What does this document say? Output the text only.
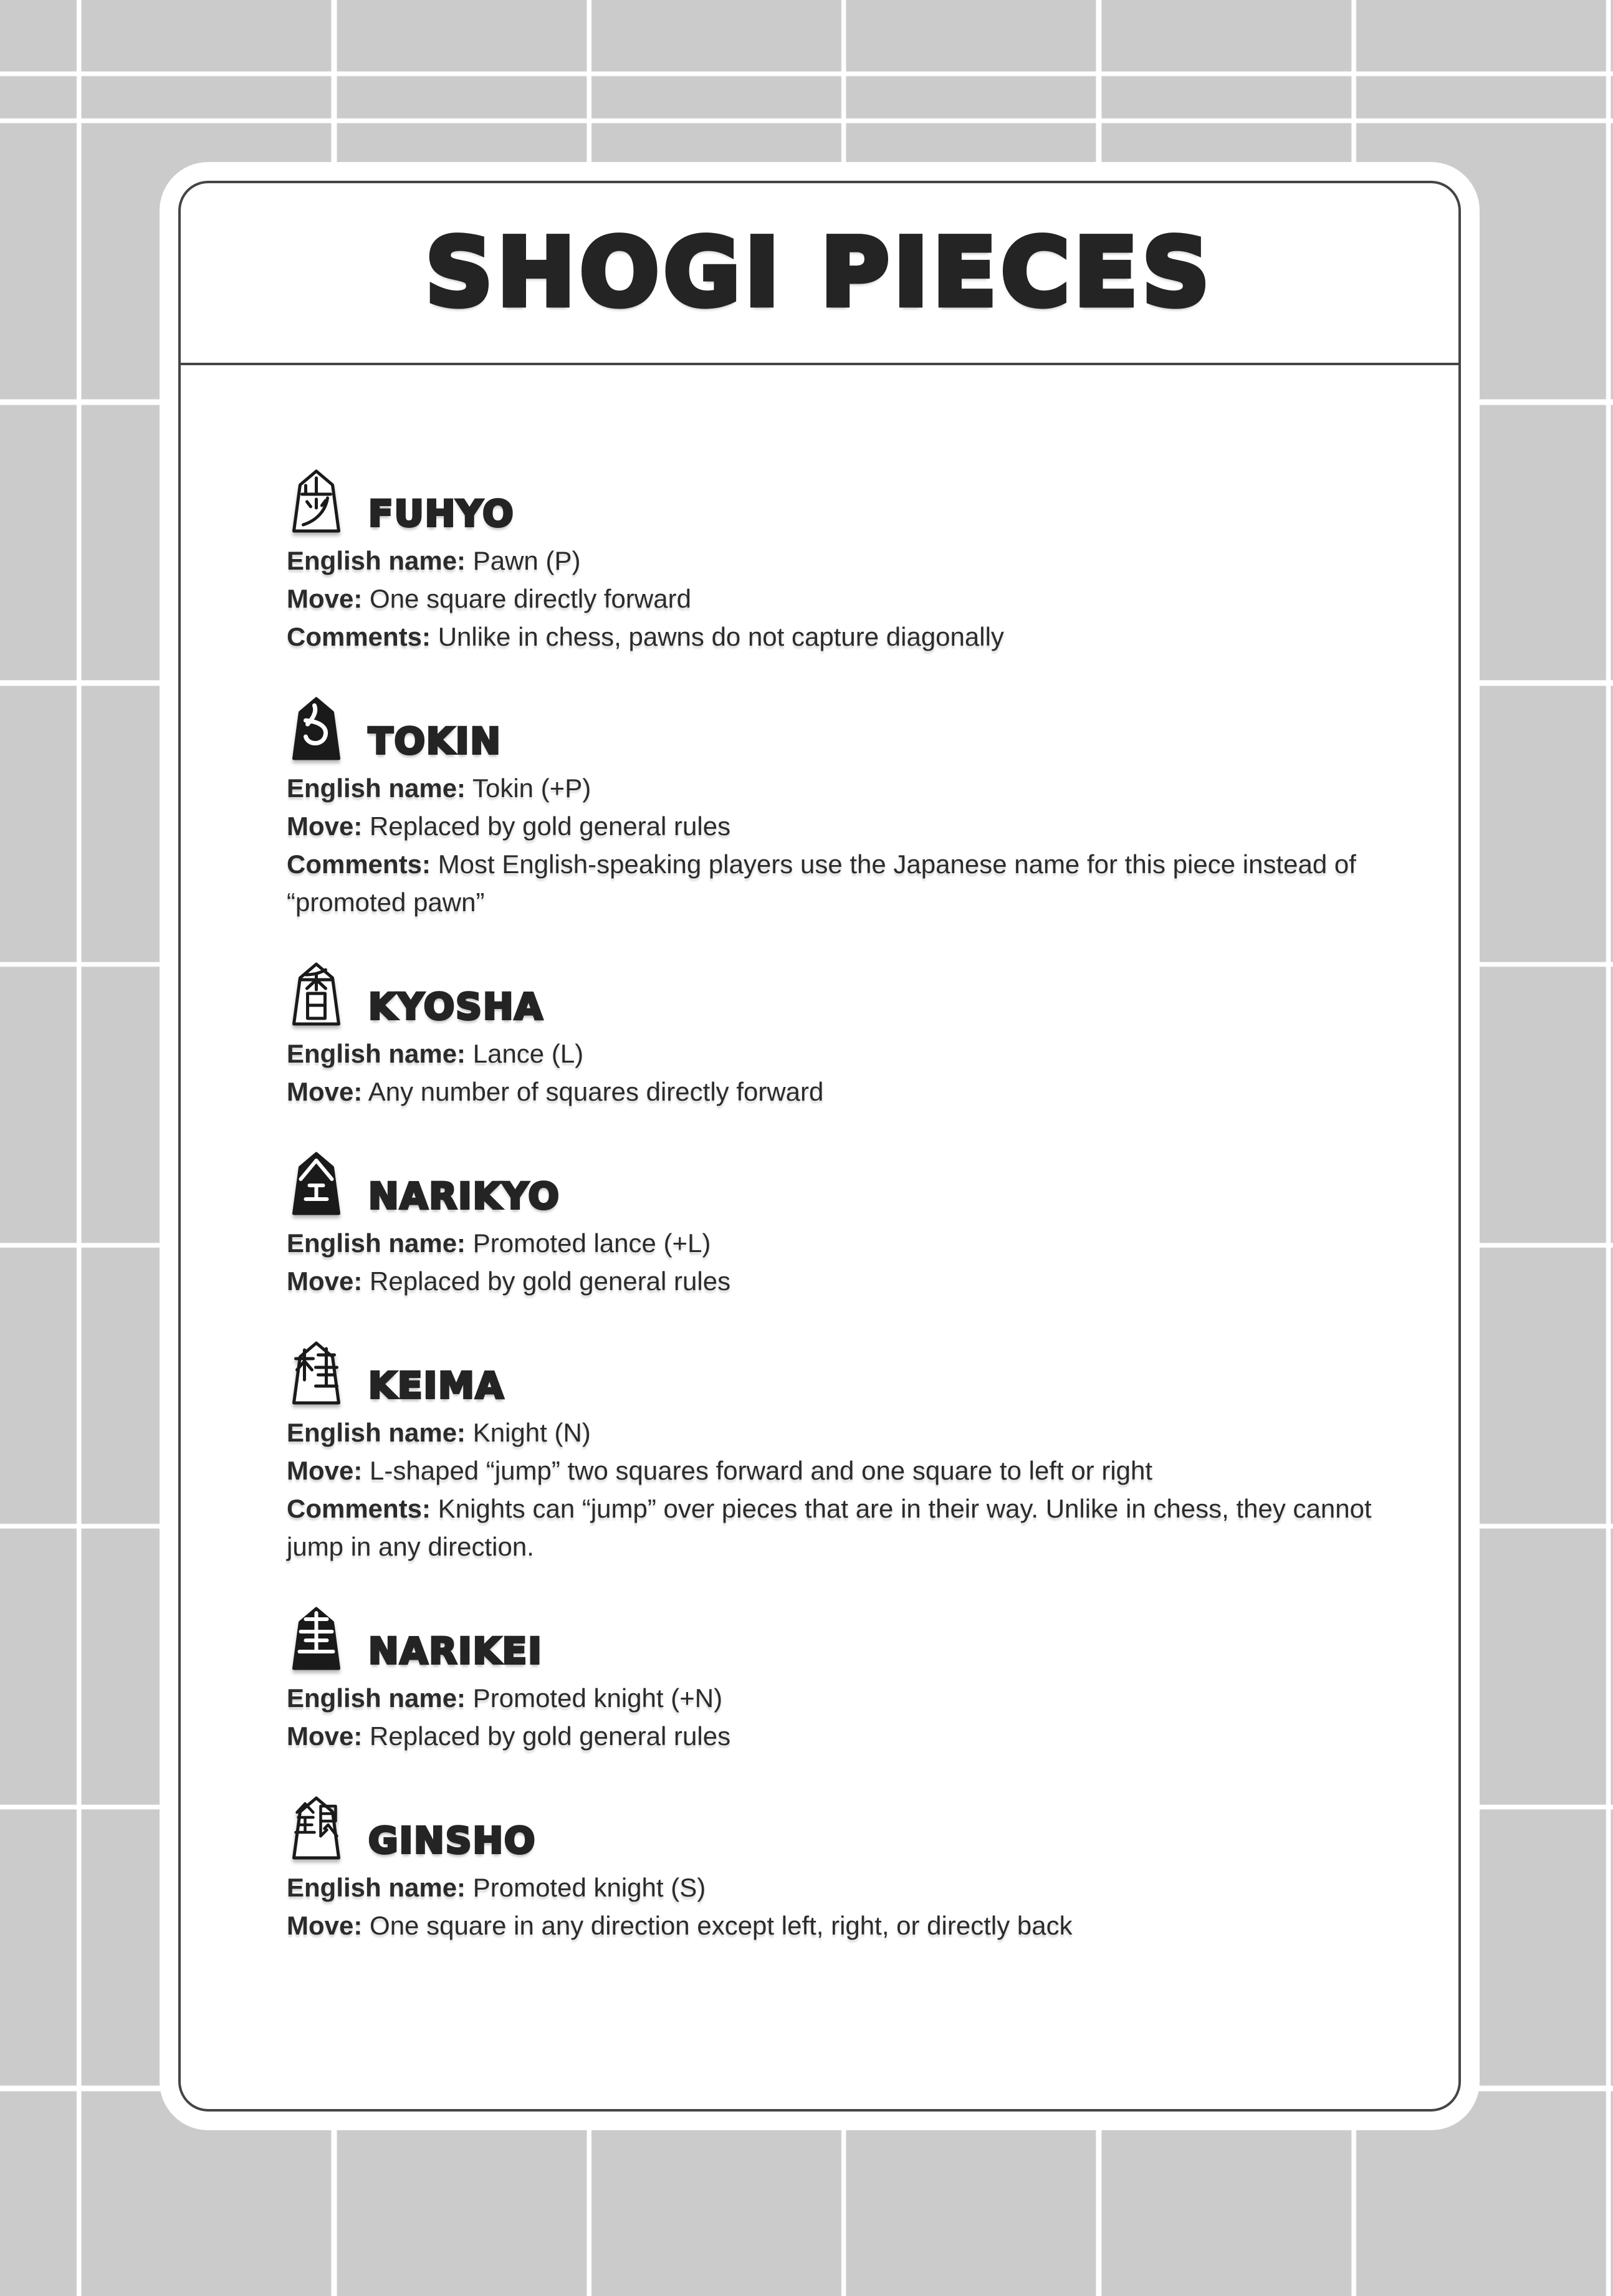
SHOGI PIECES
FUHYO
English name: Pawn (P)
Move: One square directly forward
Comments: Unlike in chess, pawns do not capture diagonally
TOKIN
English name: Tokin (+P)
Move: Replaced by gold general rules
Comments: Most English-speaking players use the Japanese name for this piece instead of “promoted pawn”
KYOSHA
English name: Lance (L)
Move: Any number of squares directly forward
NARIKYO
English name: Promoted lance (+L)
Move: Replaced by gold general rules
KEIMA
English name: Knight (N)
Move: L-shaped “jump” two squares forward and one square to left or right
Comments: Knights can “jump” over pieces that are in their way. Unlike in chess, they cannot jump in any direction.
NARIKEI
English name: Promoted knight (+N)
Move: Replaced by gold general rules
GINSHO
English name: Promoted knight (S)
Move: One square in any direction except left, right, or directly back
